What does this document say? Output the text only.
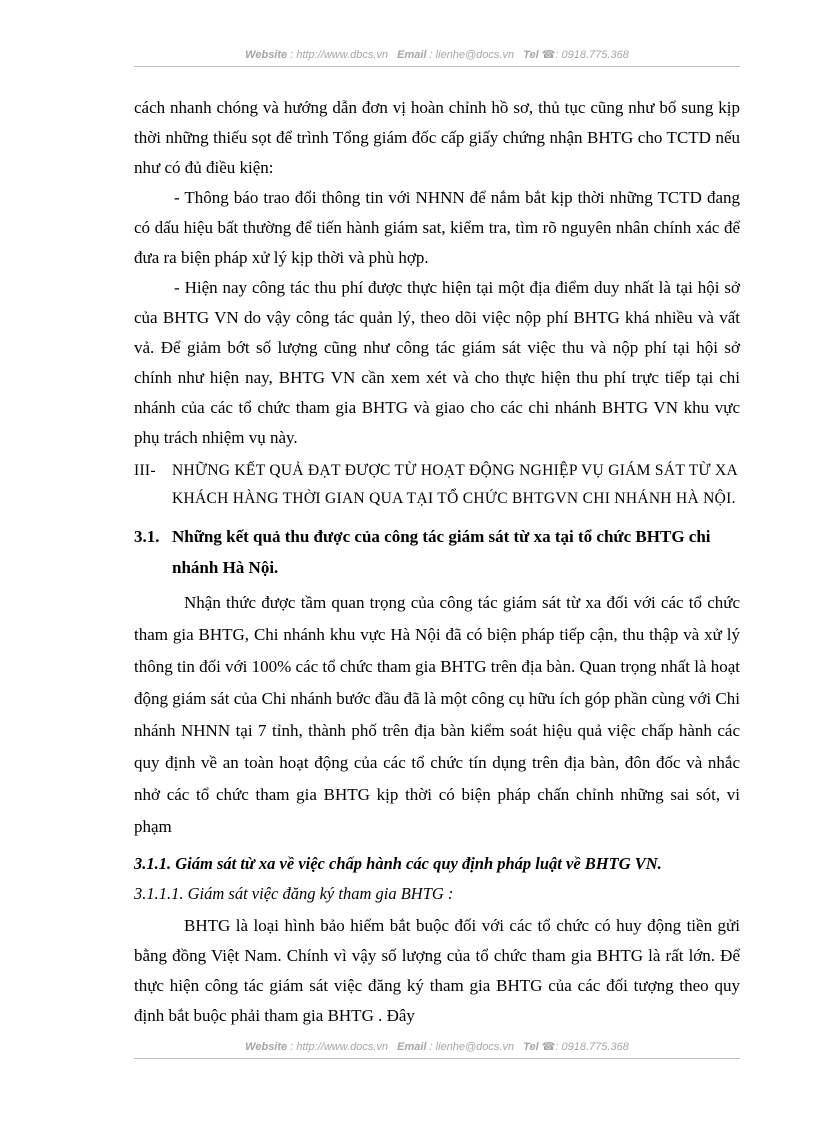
Website : http://www.dbcs.vn Email : lienhe@docs.vn Tel ☎: 0918.775.368

cách nhanh chóng và hướng dẫn đơn vị hoàn chỉnh hồ sơ, thủ tục cũng như bổ sung kịp thời những thiếu sọt để trình Tổng giám đốc cấp giấy chứng nhận BHTG cho TCTD nếu như có đủ điều kiện:

- Thông báo trao đổi thông tin với NHNN để nắm bắt kịp thời những TCTD đang có dấu hiệu bất thường để tiến hành giám sat, kiểm tra, tìm rõ nguyên nhân chính xác để đưa ra biện pháp xử lý kịp thời và phù hợp.

- Hiện nay công tác thu phí được thực hiện tại một địa điểm duy nhất là tại hội sở của BHTG VN do vậy công tác quản lý, theo dõi việc nộp phí BHTG khá nhiều và vất vả. Để giảm bớt số lượng cũng như công tác giám sát việc thu và nộp phí tại hội sở chính như hiện nay, BHTG VN cần xem xét và cho thực hiện thu phí trực tiếp tại chi nhánh của các tổ chức tham gia BHTG và giao cho các chi nhánh BHTG VN khu vực phụ trách nhiệm vụ này.

III-	NHỮNG KẾT QUẢ ĐẠT ĐƯỢC TỪ HOẠT ĐỘNG NGHIỆP VỤ GIÁM SÁT TỪ XA KHÁCH HÀNG THỜI GIAN QUA TẠI TỔ CHỨC BHTGVN CHI NHÁNH HÀ NỘI.
3.1. Những kết quả thu được của công tác giám sát từ xa tại tổ chức BHTG chi nhánh Hà Nội.

Nhận thức được tầm quan trọng của công tác giám sát từ xa đối với các tổ chức tham gia BHTG, Chi nhánh khu vực Hà Nội đã có biện pháp tiếp cận, thu thập và xử lý thông tin đối với 100% các tổ chức tham gia BHTG trên địa bàn. Quan trọng nhất là hoạt động giám sát của Chi nhánh bước đầu đã là một công cụ hữu ích góp phần cùng với Chi nhánh NHNN tại 7 tỉnh, thành phố trên địa bàn kiểm soát hiệu quả việc chấp hành các quy định về an toàn hoạt động của các tổ chức tín dụng trên địa bàn, đôn đốc và nhắc nhở các tổ chức tham gia BHTG kịp thời có biện pháp chấn chỉnh những sai sót, vi phạm

3.1.1. Giám sát từ xa về việc chấp hành các quy định pháp luật về BHTG VN.
3.1.1.1. Giám sát việc đăng ký tham gia BHTG :

BHTG là loại hình bảo hiểm bắt buộc đối với các tổ chức có huy động tiền gửi bằng đồng Việt Nam. Chính vì vậy số lượng của tổ chức tham gia BHTG là rất lớn. Để thực hiện công tác giám sát việc đăng ký tham gia BHTG của các đối tượng theo quy định bắt buộc phải tham gia BHTG . Đây

Website : http://www.docs.vn Email : lienhe@docs.vn Tel ☎: 0918.775.368
